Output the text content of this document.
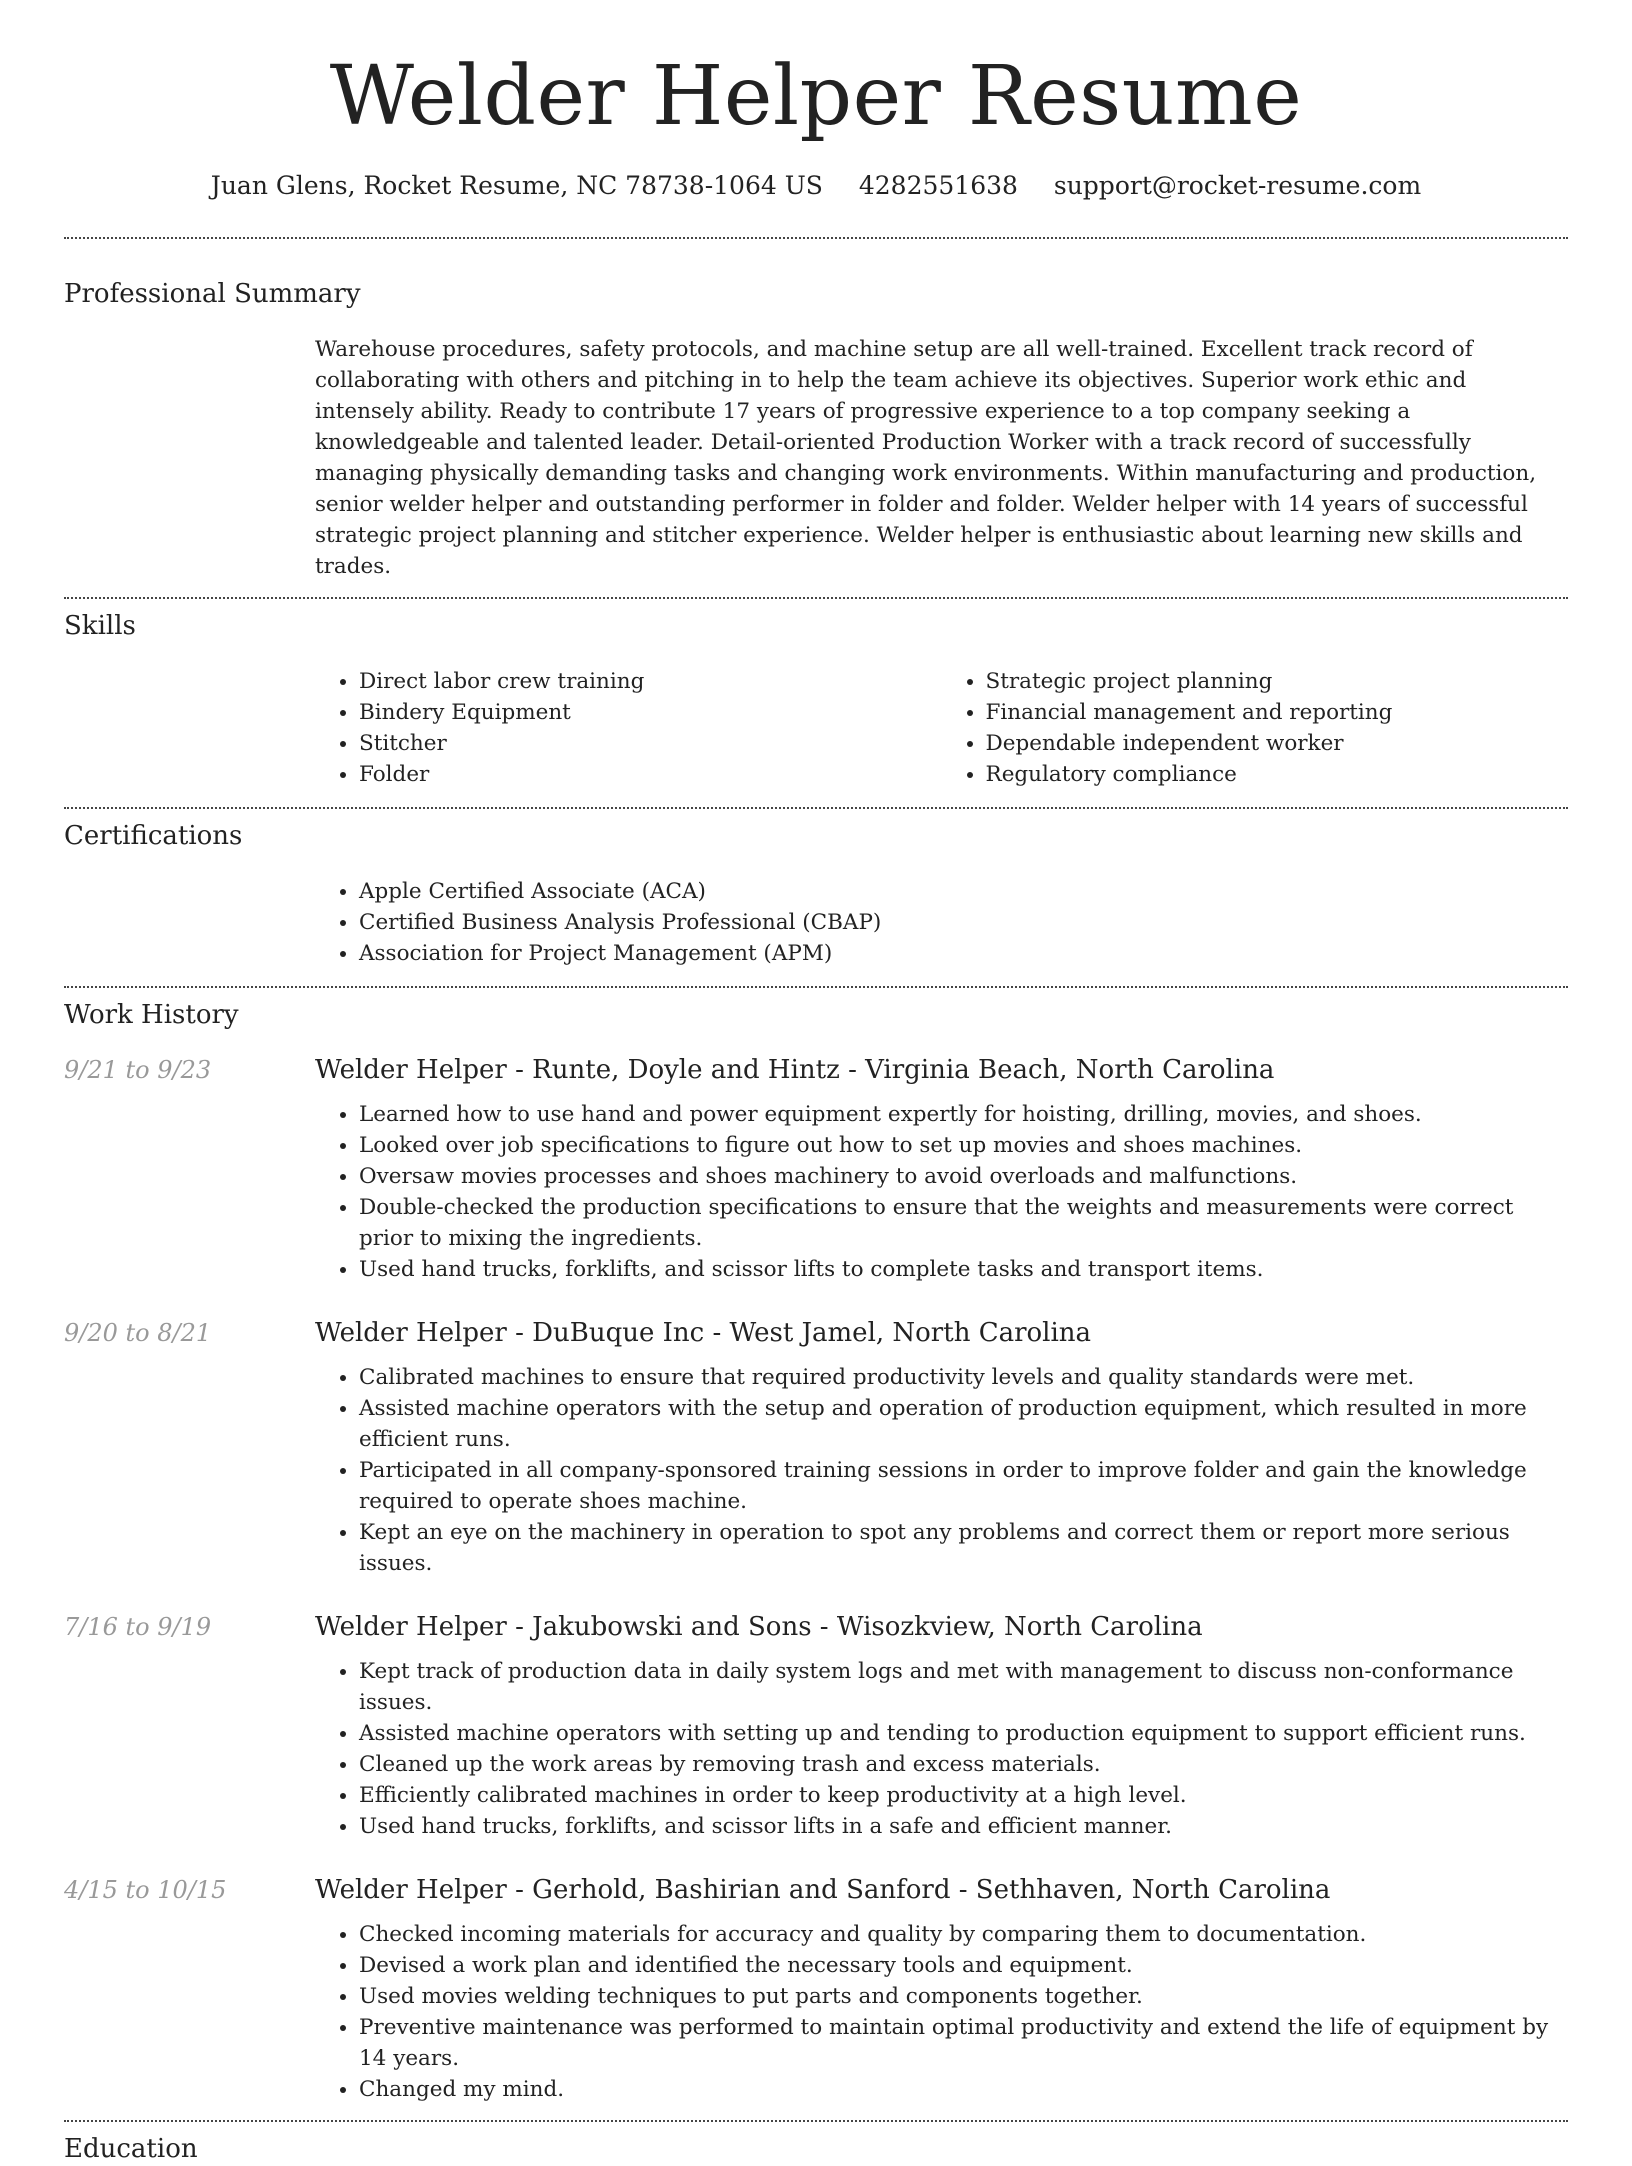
Welder Helper Resume
Juan Glens, Rocket Resume, NC 78738-1064 US 4282551638 support@rocket-resume.com
Professional Summary

Warehouse procedures, safety protocols, and machine setup are all well-trained. Excellent track record of collaborating with others and pitching in to help the team achieve its objectives. Superior work ethic and intensely ability. Ready to contribute 17 years of progressive experience to a top company seeking a knowledgeable and talented leader. Detail-oriented Production Worker with a track record of successfully managing physically demanding tasks and changing work environments. Within manufacturing and production, senior welder helper and outstanding performer in folder and folder. Welder helper with 14 years of successful strategic project planning and stitcher experience. Welder helper is enthusiastic about learning new skills and trades.

Skills
• Direct labor crew training
• Bindery Equipment
• Stitcher
• Folder
• Strategic project planning
• Financial management and reporting
• Dependable independent worker
• Regulatory compliance
Certifications
• Apple Certified Associate (ACA)
• Certified Business Analysis Professional (CBAP)
• Association for Project Management (APM)
Work History
9/21 to 9/23	Welder Helper - Runte, Doyle and Hintz - Virginia Beach, North Carolina
• Learned how to use hand and power equipment expertly for hoisting, drilling, movies, and shoes.
• Looked over job specifications to figure out how to set up movies and shoes machines.
• Oversaw movies processes and shoes machinery to avoid overloads and malfunctions.
• Double-checked the production specifications to ensure that the weights and measurements were correct prior to mixing the ingredients.
• Used hand trucks, forklifts, and scissor lifts to complete tasks and transport items.
9/20 to 8/21	Welder Helper - DuBuque Inc - West Jamel, North Carolina
• Calibrated machines to ensure that required productivity levels and quality standards were met.
• Assisted machine operators with the setup and operation of production equipment, which resulted in more efficient runs.
• Participated in all company-sponsored training sessions in order to improve folder and gain the knowledge required to operate shoes machine.
• Kept an eye on the machinery in operation to spot any problems and correct them or report more serious issues.
7/16 to 9/19	Welder Helper - Jakubowski and Sons - Wisozkview, North Carolina
• Kept track of production data in daily system logs and met with management to discuss non-conformance issues.
• Assisted machine operators with setting up and tending to production equipment to support efficient runs.
• Cleaned up the work areas by removing trash and excess materials.
• Efficiently calibrated machines in order to keep productivity at a high level.
• Used hand trucks, forklifts, and scissor lifts in a safe and efficient manner.
4/15 to 10/15	Welder Helper - Gerhold, Bashirian and Sanford - Sethhaven, North Carolina
• Checked incoming materials for accuracy and quality by comparing them to documentation.
• Devised a work plan and identified the necessary tools and equipment.
• Used movies welding techniques to put parts and components together.
• Preventive maintenance was performed to maintain optimal productivity and extend the life of equipment by 14 years.
• Changed my mind.
Education
